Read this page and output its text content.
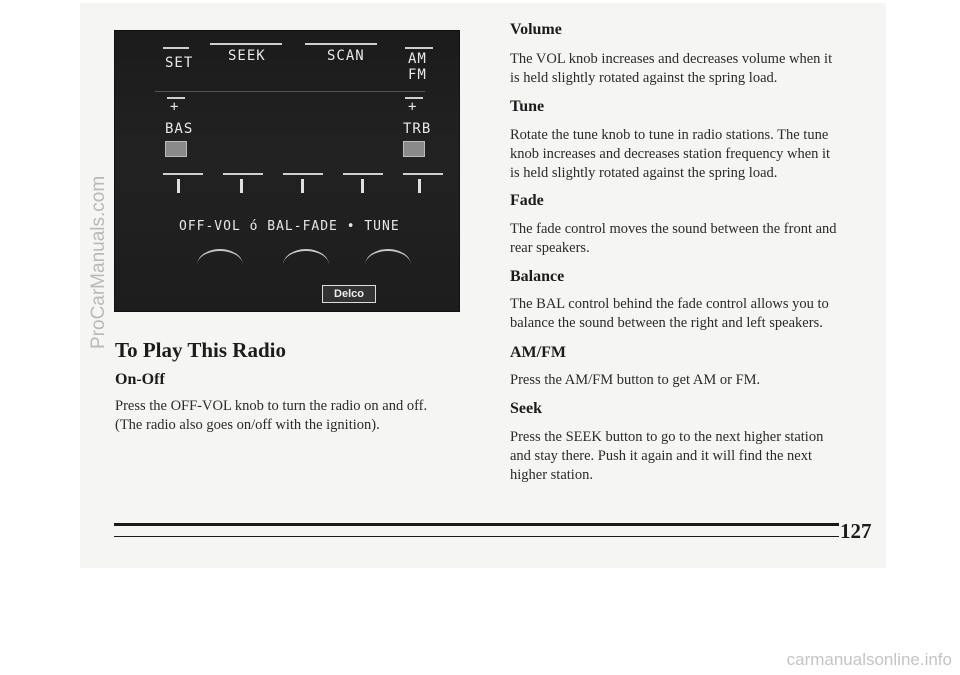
SET SEEK	SCAN	AM
FM
+	+
BAS	TRB
OFF-VOL ó BAL-FADE • TUNE
Delco
To Play This Radio
On-Off
Press the OFF-VOL knob to turn the radio on and off.
(The radio also goes on/off with the ignition).
Volume
The VOL knob increases and decreases volume when it
is held slightly rotated against the spring load.
Tune
Rotate the tune knob to tune in radio stations. The tune
knob increases and decreases station frequency when it
is held slightly rotated against the spring load.
Fade
The fade control moves the sound between the front and
rear speakers.
Balance
The BAL control behind the fade control allows you to
balance the sound between the right and left speakers.
AM/FM
Press the AM/FM button to get AM or FM.
Seek
Press the SEEK button to go to the next higher station
and stay there. Push it again and it will find the next
higher station.
127
ProCarManuals.com
carmanualsonline.info
